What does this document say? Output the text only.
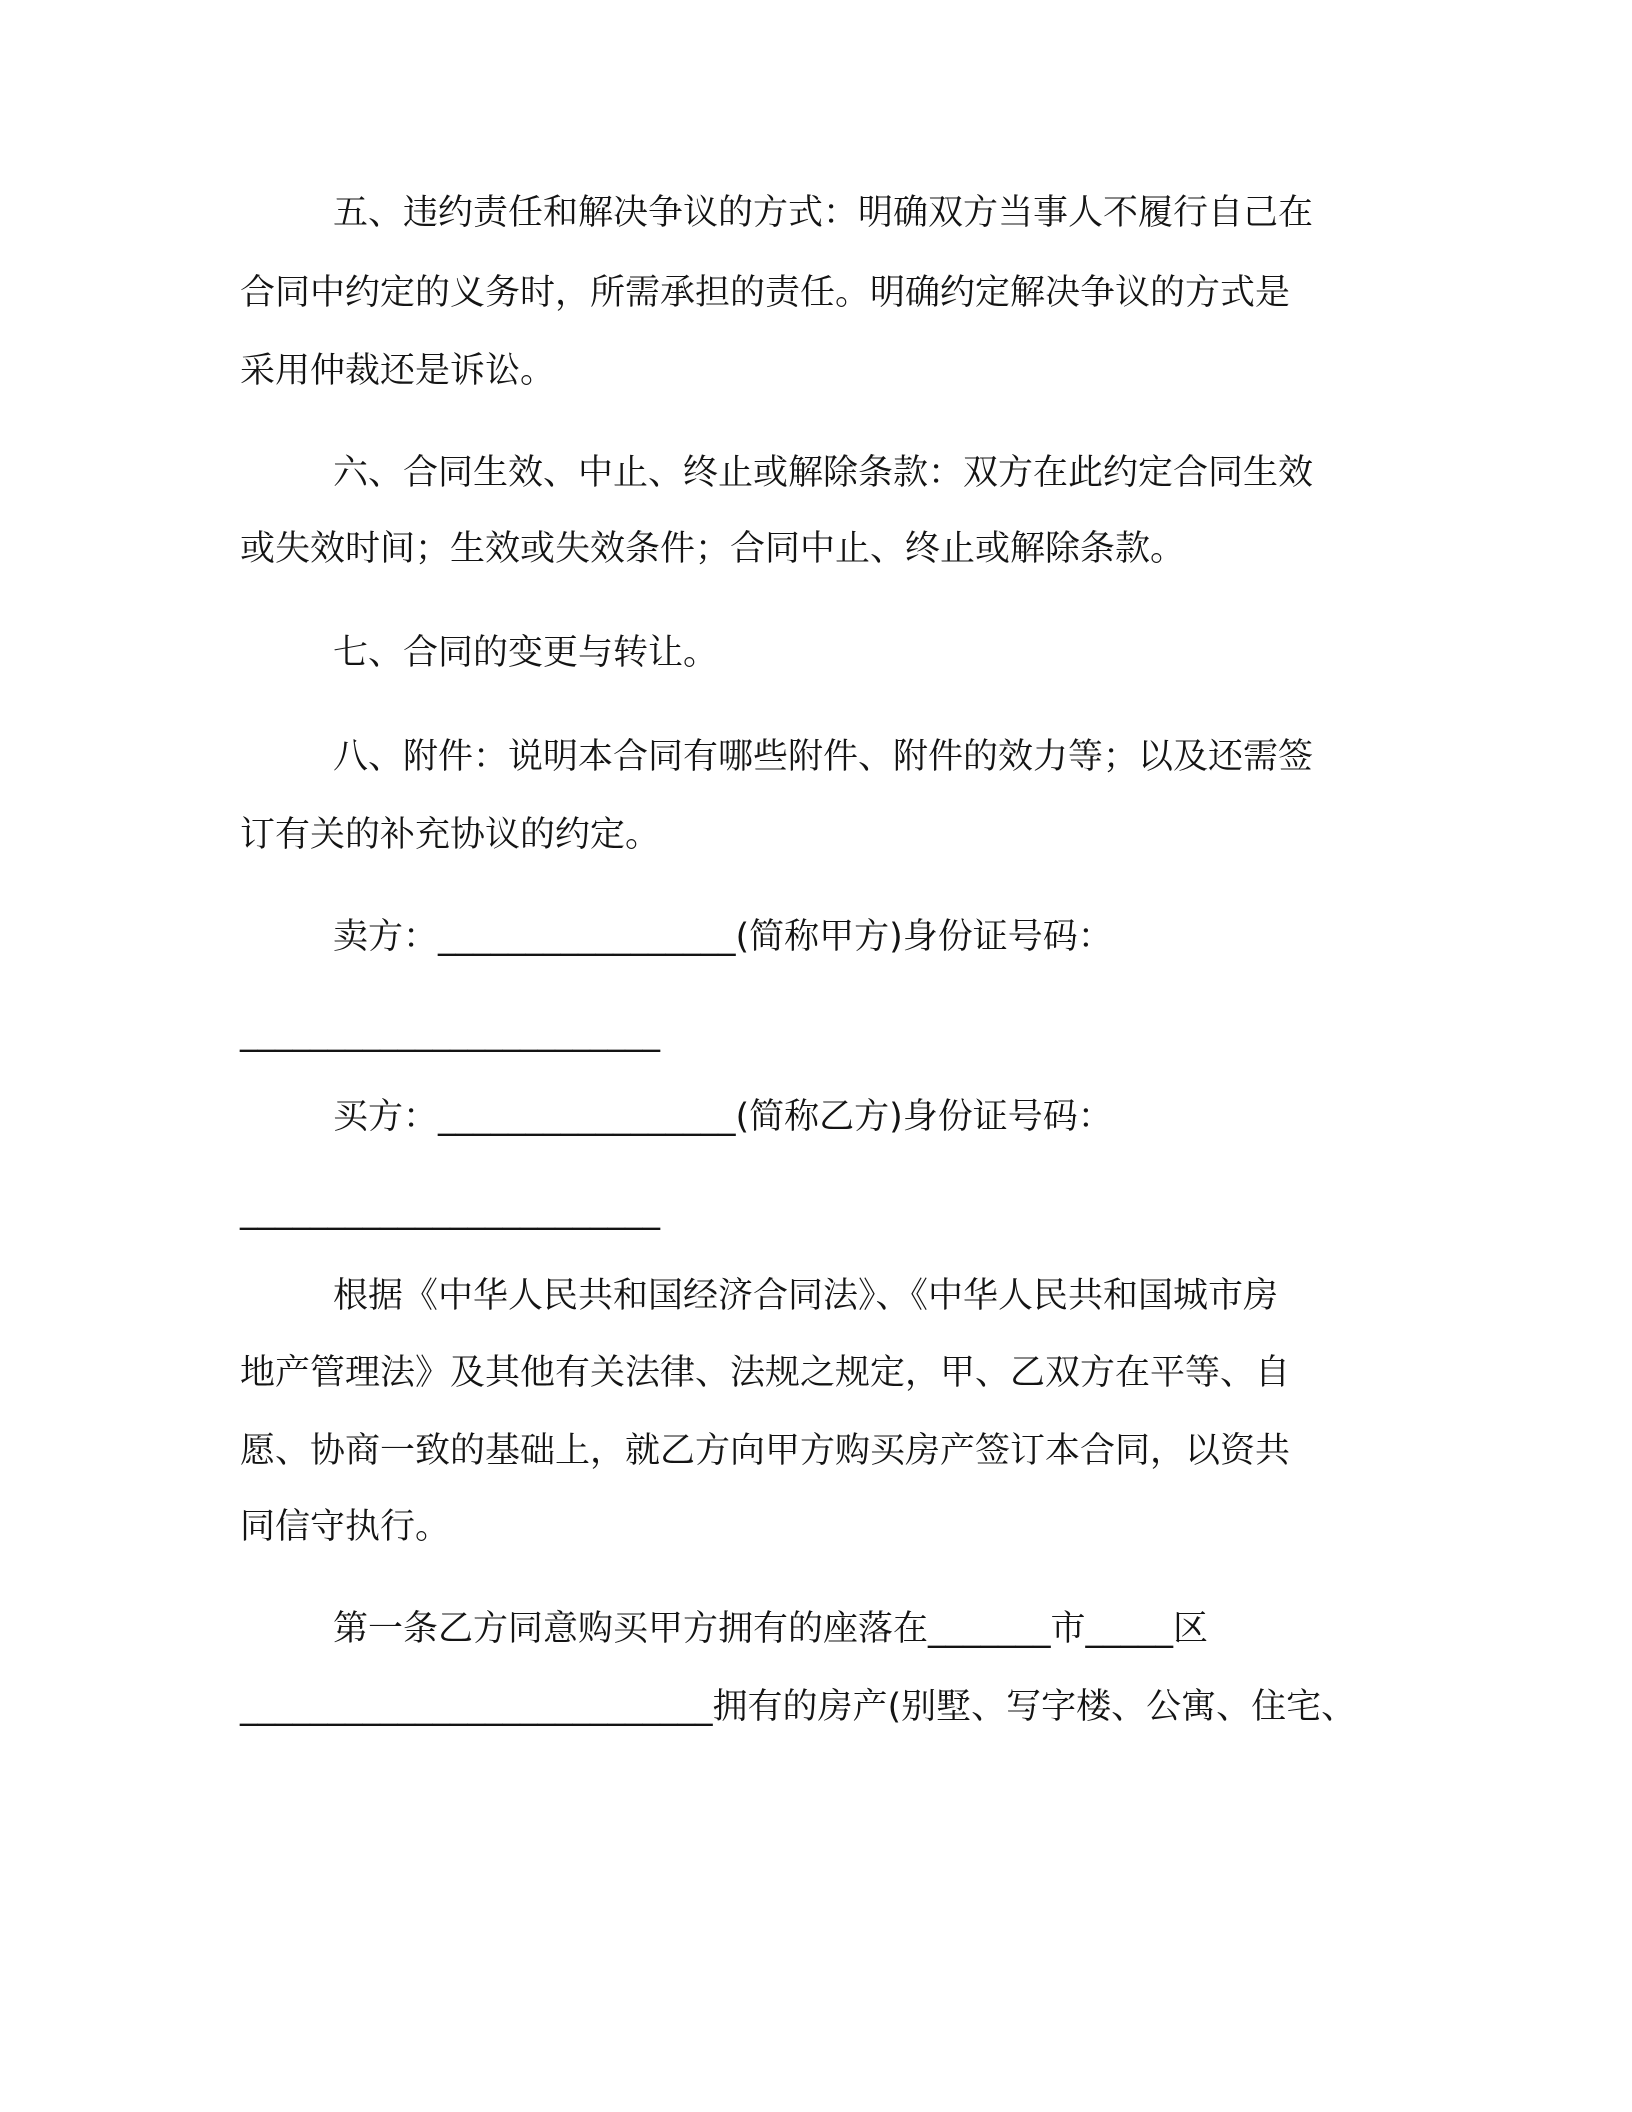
五、违约责任和解决争议的方式：明确双方当事人不履行自己在
合同中约定的义务时，所需承担的责任。明确约定解决争议的方式是
采用仲裁还是诉讼。
六、合同生效、中止、终止或解除条款：双方在此约定合同生效
或失效时间；生效或失效条件；合同中止、终止或解除条款。
七、合同的变更与转让。
八、附件：说明本合同有哪些附件、附件的效力等；以及还需签
订有关的补充协议的约定。
卖方：_________________(简称甲方)身份证号码：
________________________
买方：_________________(简称乙方)身份证号码：
________________________
根据《中华人民共和国经济合同法》、《中华人民共和国城市房
地产管理法》及其他有关法律、法规之规定，甲、乙双方在平等、自
愿、协商一致的基础上，就乙方向甲方购买房产签订本合同，以资共
同信守执行。
第一条乙方同意购买甲方拥有的座落在_______市_____区
___________________________拥有的房产(别墅、写字楼、公寓、住宅、
